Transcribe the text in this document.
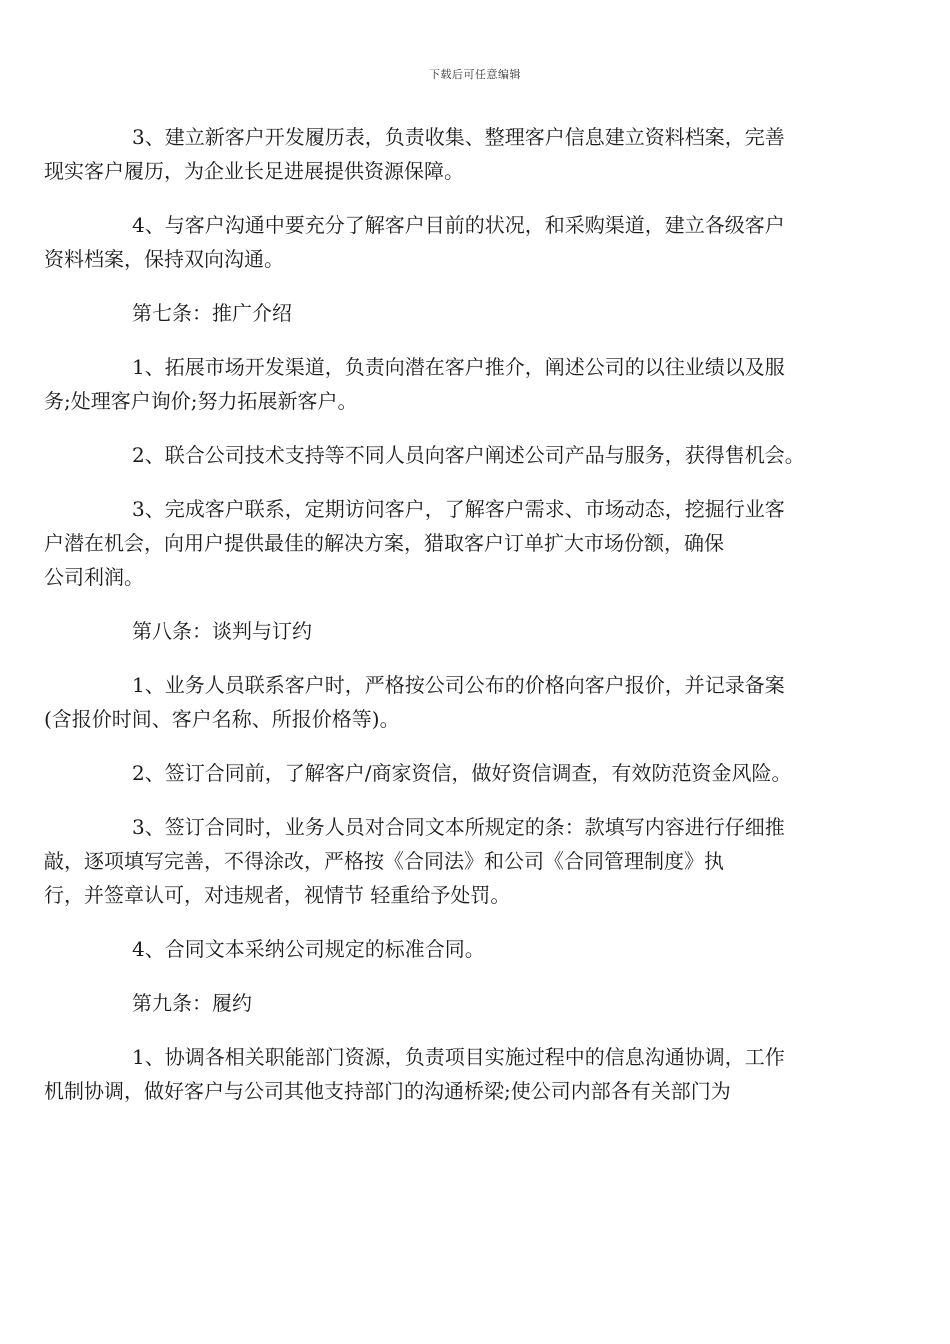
下载后可任意编辑

3、建立新客户开发履历表，负责收集、整理客户信息建立资料档案，完善
现实客户履历，为企业长足进展提供资源保障。

4、与客户沟通中要充分了解客户目前的状况，和采购渠道，建立各级客户
资料档案，保持双向沟通。

第七条：推广介绍

1、拓展市场开发渠道，负责向潜在客户推介，阐述公司的以往业绩以及服
务;处理客户询价;努力拓展新客户。

2、联合公司技术支持等不同人员向客户阐述公司产品与服务，获得售机会。

3、完成客户联系，定期访问客户，了解客户需求、市场动态，挖掘行业客
户潜在机会，向用户提供最佳的解决方案，猎取客户订单扩大市场份额，确保
公司利润。

第八条：谈判与订约

1、业务人员联系客户时，严格按公司公布的价格向客户报价，并记录备案
(含报价时间、客户名称、所报价格等)。

2、签订合同前，了解客户/商家资信，做好资信调查，有效防范资金风险。

3、签订合同时，业务人员对合同文本所规定的条：款填写内容进行仔细推
敲，逐项填写完善，不得涂改，严格按《合同法》和公司《合同管理制度》执
行，并签章认可，对违规者，视情节 轻重给予处罚。

4、合同文本采纳公司规定的标准合同。

第九条：履约

1、协调各相关职能部门资源，负责项目实施过程中的信息沟通协调，工作
机制协调，做好客户与公司其他支持部门的沟通桥梁;使公司内部各有关部门为
